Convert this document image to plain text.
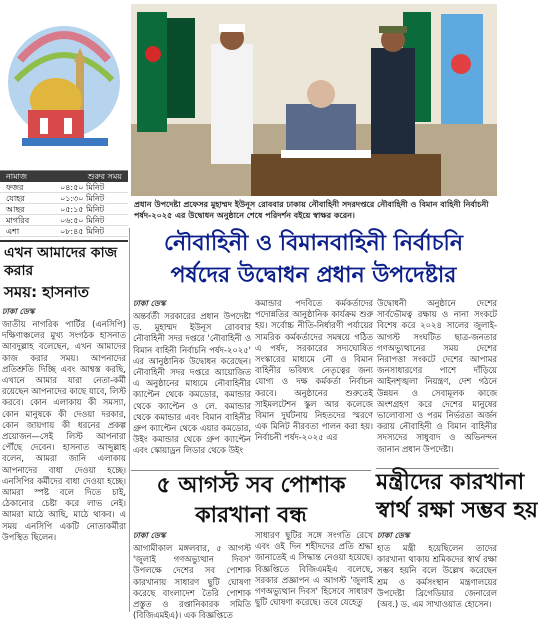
নামাজ	শুরুর সময়
ফজর	০৪:৫০ মিনিট
যোহর	০১:৩০ মিনিট
আছর	০৫:১৫ মিনিট
মাগরিব	০৬:৫০ মিনিট
এশা	০৮:৪৫ মিনিট
এখন আমাদের কাজ করার
সময়: হাসনাত
ঢাকা ডেস্ক

জাতীয় নাগরিক পার্টির (এনসিপি) দক্ষিণাঞ্চলের মুখ্য সংগঠক হাসনাত আবদুল্লাহ বলেছেন, এখন আমাদের কাজ করার সময়। আপনাদের প্রতিশ্রুতি দিচ্ছি এবং আশ্বস্ত করছি, এখানে আমার যারা নেতা-কর্মী রয়েছেন আপনাদের কাছে যাবে, লিস্ট করবে। কোন এলাকায় কী সমস্যা, কোন মানুষকে কী দেওয়া দরকার, কোন জায়গায় কী ধরনের প্রকল্প প্রয়োজন—সেই লিস্ট আপনারা পৌঁছে দেবেন। হাসনাত আব্দুল্লাহ বলেন, আমরা জানি এলাকায় আপনাদের বাধা দেওয়া হচ্ছে। এনসিপির কর্মীদের বাধা দেওয়া হচ্ছে। আমরা স্পষ্ট বলে দিতে চাই, ঠেকানোর চেষ্টা করে লাভ নেই। আমরা মাঠে আছি, মাঠে থাকব। এ সময় এনসিপি একটি নোতাকর্মীরা উপস্থিত ছিলেন।

প্রধান উপদেষ্টা প্রফেসর মুহাম্মদ ইউনূস রোববার ঢাকায় নৌবাহিনী সদরদপ্তরে নৌবাহিনী ও বিমান বাহিনী নির্বাচনী পর্ষদ-২০২৫ এর উদ্বোধন অনুষ্ঠানে শেষে পরিদর্শন বইয়ে স্বাক্ষর করেন।
নৌবাহিনী ও বিমানবাহিনী নির্বাচনি
পর্ষদের উদ্বোধন প্রধান উপদেষ্টার
ঢাকা ডেস্ক

অন্তর্বর্তী সরকারের প্রধান উপদেষ্টা ড. মুহাম্মদ ইউনূস রোববার নৌবাহিনী সদর দপ্তরে 'নৌবাহিনী ও বিমান বাহিনী নির্বাচনি পর্ষদ-২০২৫' এর আনুষ্ঠানিক উদ্বোধন করেছেন। নৌবাহিনী সদর দপ্তরে আয়োজিত এ অনুষ্ঠানের মাধ্যমে নৌবাহিনীর ক্যাপ্টেন থেকে কমডোর, কমান্ডার থেকে ক্যাপ্টেন ও লে. কমান্ডার থেকে কমান্ডার এবং বিমান বাহিনীর গ্রুপ ক্যাপ্টেন থেকে এয়ার কমডোর, উইং কমান্ডার থেকে গ্রুপ ক্যাপ্টেন এবং স্কোয়াড্রন লিডার থেকে উইং

কমান্ডার পদবিতে কর্মকর্তাদের পদোন্নতির আনুষ্ঠানিক কার্যক্রম শুরু হয়। সর্বোচ্চ নীতি-নির্ধারণী পর্যায়ের সামরিক কর্মকর্তাদের সমন্বয়ে গঠিত এ পর্ষদ, সরকারের সদ্যঘোষিত সংস্কারের মাধ্যমে নৌ ও বিমান বাহিনীর ভবিষ্যৎ নেতৃত্বের জন্য যোগ্য ও দক্ষ কর্মকর্তা নির্বাচন করবে। অনুষ্ঠানের শুরুতেই সাইমলটেশন স্কুল আর কলেজে বিমান দুর্ঘটনায় নিহতদের স্মরণে এক মিনিট নীরবতা পালন করা হয়। নির্বাচনী পর্ষদ-২০২৫ এর

উদ্বোধনী অনুষ্ঠানে দেশের সার্বভৌমত্ব রক্ষায় ও নানা সংকটে বিশেষ করে ২০২৪ সালের জুলাই-আগস্ট সংঘটিত ছাত্র-জনতার গণঅভ্যুত্থানের সময় দেশের নিরাপত্তা সংকটে দেশের আপামর জনসাধারণের পাশে দাঁড়িয়ে আইনশৃঙ্খলা নিয়ন্ত্রণ, দেশ গঠনে উন্নয়ন ও সেবামূলক কাজে অংশগ্রহণ করে দেশের মানুষের ভালোবাসা ও পরম নির্ভরতা অর্জন করায় নৌবাহিনী ও বিমান বাহিনীর সদস্যদের সাধুবাদ ও অভিনন্দন জানান প্রধান উপদেষ্টা।

৫ আগস্ট সব পোশাক
কারখানা বন্ধ
ঢাকা ডেস্ক

আগামীকাল মঙ্গলবার, ৫ আগস্ট 'জুলাই গণঅভ্যুত্থান দিবস' উপলক্ষে দেশের সব পোশাক কারখানায় সাধারণ ছুটি ঘোষণা করেছে বাংলাদেশ তৈরি পোশাক প্রস্তুত ও রপ্তানিকারক সমিতি (বিজিএমইএ)। এক বিজ্ঞপ্তিতে

সাধারণ ছুটির সঙ্গে সংগতি রেখে এবং ওই দিন শহীদদের প্রতি শ্রদ্ধা জানাতেই এ সিদ্ধান্ত নেওয়া হয়েছে। বিজ্ঞপ্তিতে বিজিএমইএ বলেছে, সরকার প্রজ্ঞাপন এ আগস্ট 'জুলাই গণঅভ্যুত্থান দিবস' হিসেবে সাধারণ ছুটি ঘোষণা করেছে। তবে যেহেতু

মন্ত্রীদের কারখানা
স্বার্থ রক্ষা সম্ভব হয়
ঢাকা ডেস্ক

হাত মন্ত্রী হয়েছিলেন তাদের কারখানা থাকায় শ্রমিকদের স্বার্থ রক্ষা সম্ভব হয়নি বলে উল্লেখ করেছেন শ্রম ও কর্মসংস্থান মন্ত্রণালয়ের উপদেষ্টা ব্রিগেডিয়ার জেনারেল (অব.) ড. এম সাখাওয়াত হোসেন।
